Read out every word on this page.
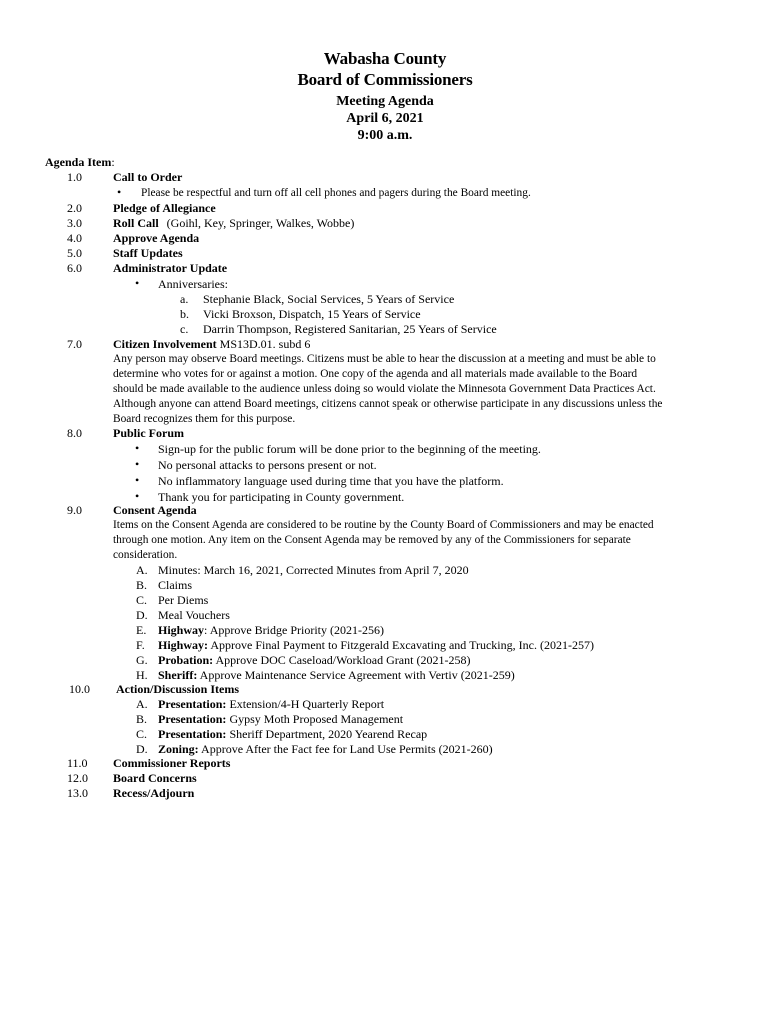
Wabasha County
Board of Commissioners
Meeting Agenda
April 6, 2021
9:00 a.m.
Agenda Item:
1.0	Call to Order
• Please be respectful and turn off all cell phones and pagers during the Board meeting.
2.0	Pledge of Allegiance
3.0	Roll Call (Goihl, Key, Springer, Walkes, Wobbe)
4.0	Approve Agenda
5.0	Staff Updates
6.0	Administrator Update
• Anniversaries:
a. Stephanie Black, Social Services, 5 Years of Service
b. Vicki Broxson, Dispatch, 15 Years of Service
c. Darrin Thompson, Registered Sanitarian, 25 Years of Service
7.0	Citizen Involvement MS13D.01. subd 6
Any person may observe Board meetings. Citizens must be able to hear the discussion at a meeting and must be able to
determine who votes for or against a motion. One copy of the agenda and all materials made available to the Board
should be made available to the audience unless doing so would violate the Minnesota Government Data Practices Act.
Although anyone can attend Board meetings, citizens cannot speak or otherwise participate in any discussions unless the
Board recognizes them for this purpose.
8.0	Public Forum
• Sign-up for the public forum will be done prior to the beginning of the meeting.
• No personal attacks to persons present or not.
• No inflammatory language used during time that you have the platform.
• Thank you for participating in County government.
9.0	Consent Agenda
Items on the Consent Agenda are considered to be routine by the County Board of Commissioners and may be enacted
through one motion. Any item on the Consent Agenda may be removed by any of the Commissioners for separate
consideration.
A. Minutes: March 16, 2021, Corrected Minutes from April 7, 2020
B. Claims
C. Per Diems
D. Meal Vouchers
E. Highway: Approve Bridge Priority (2021-256)
F. Highway: Approve Final Payment to Fitzgerald Excavating and Trucking, Inc. (2021-257)
G. Probation: Approve DOC Caseload/Workload Grant (2021-258)
H. Sheriff: Approve Maintenance Service Agreement with Vertiv (2021-259)
10.0 Action/Discussion Items
A. Presentation: Extension/4-H Quarterly Report
B. Presentation: Gypsy Moth Proposed Management
C. Presentation: Sheriff Department, 2020 Yearend Recap
D. Zoning: Approve After the Fact fee for Land Use Permits (2021-260)
11.0 Commissioner Reports
12.0 Board Concerns
13.0 Recess/Adjourn
